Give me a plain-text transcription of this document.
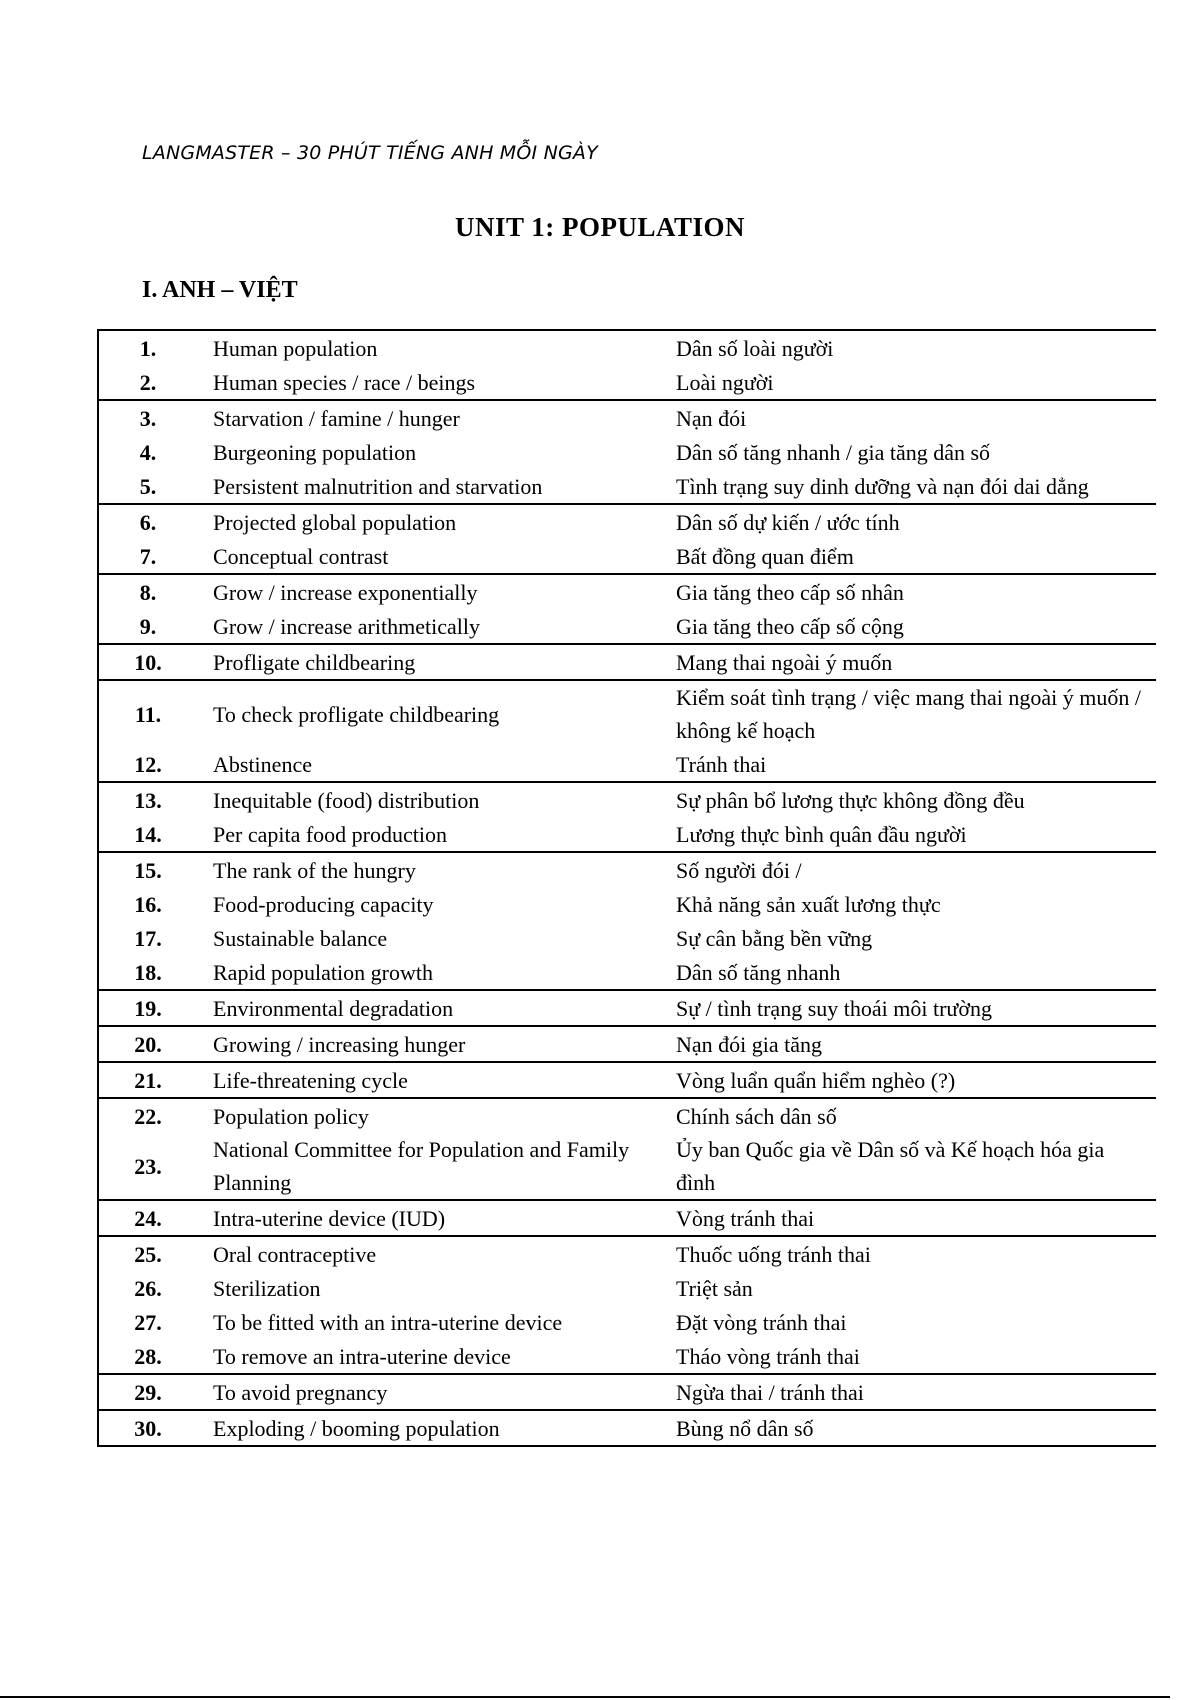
LANGMASTER – 30 PHÚT TIẾNG ANH MỖI NGÀY
UNIT 1: POPULATION
I. ANH – VIỆT
1.	Human population	Dân số loài người
2.	Human species / race / beings	Loài người
3.	Starvation / famine / hunger	Nạn đói
4.	Burgeoning population	Dân số tăng nhanh / gia tăng dân số
5.	Persistent malnutrition and starvation	Tình trạng suy dinh dưỡng và nạn đói dai dẳng
6.	Projected global population	Dân số dự kiến / ước tính
7.	Conceptual contrast	Bất đồng quan điểm
8.	Grow / increase exponentially	Gia tăng theo cấp số nhân
9.	Grow / increase arithmetically	Gia tăng theo cấp số cộng
10.	Profligate childbearing	Mang thai ngoài ý muốn
11.	To check profligate childbearing	Kiểm soát tình trạng / việc mang thai ngoài ý muốn / không kế hoạch
12.	Abstinence	Tránh thai
13.	Inequitable (food) distribution	Sự phân bổ lương thực không đồng đều
14.	Per capita food production	Lương thực bình quân đầu người
15.	The rank of the hungry	Số người đói /
16.	Food-producing capacity	Khả năng sản xuất lương thực
17.	Sustainable balance	Sự cân bằng bền vững
18.	Rapid population growth	Dân số tăng nhanh
19.	Environmental degradation	Sự / tình trạng suy thoái môi trường
20.	Growing / increasing hunger	Nạn đói gia tăng
21.	Life-threatening cycle	Vòng luẩn quẩn hiểm nghèo (?)
22.	Population policy	Chính sách dân số
23.	National Committee for Population and Family Planning	Ủy ban Quốc gia về Dân số và Kế hoạch hóa gia đình
24.	Intra-uterine device (IUD)	Vòng tránh thai
25.	Oral contraceptive	Thuốc uống tránh thai
26.	Sterilization	Triệt sản
27.	To be fitted with an intra-uterine device	Đặt vòng tránh thai
28.	To remove an intra-uterine device	Tháo vòng tránh thai
29.	To avoid pregnancy	Ngừa thai / tránh thai
30.	Exploding / booming population	Bùng nổ dân số
